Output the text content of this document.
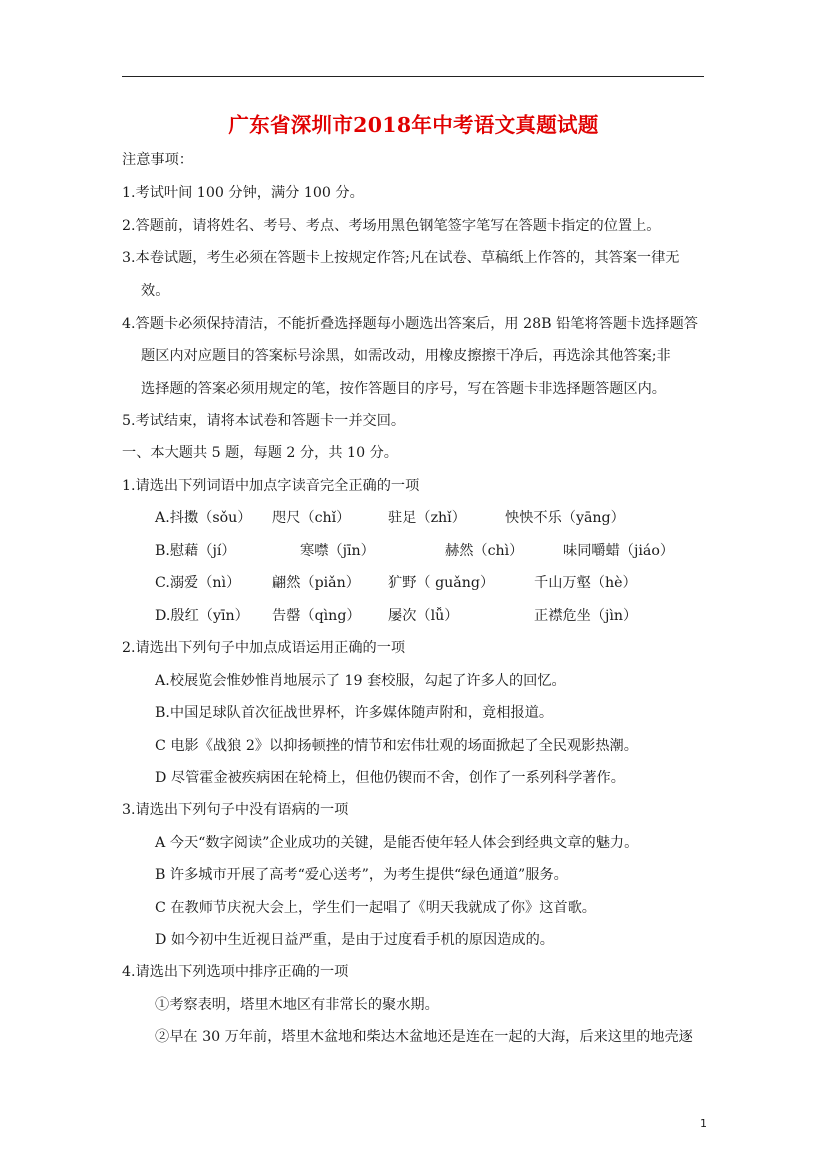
广东省深圳市2018年中考语文真题试题
注意事项：
1.考试叶间 100 分钟，满分 100 分。
2.答题前，请将姓名、考号、考点、考场用黑色钢笔签字笔写在答题卡指定的位置上。
3.本卷试题，考生必须在答题卡上按规定作答;凡在试卷、草稿纸上作答的，其答案一律无
效。
4.答题卡必须保持清洁，不能折叠选择题每小题选出答案后，用 28B 铅笔将答题卡选择题答
题区内对应题目的答案标号涂黑，如需改动，用橡皮擦擦干净后，再选涂其他答案;非
选择题的答案必须用规定的笔，按作答题目的序号，写在答题卡非选择题答题区内。
5.考试结束，请将本试卷和答题卡一并交回。
一、本大题共 5 题，每题 2 分，共 10 分。
1.请选出下列词语中加点字读音完全正确的一项
A.抖擞（sǒu） 咫尺（chǐ）	驻足（zhǐ）	怏怏不乐（yāng）
B.慰藉（jí）	寒噤（jīn）	赫然（chì）	味同嚼蜡（jiáo）
C.溺爱（nì） 翩然（piǎn） 犷野（ guǎng）	千山万壑（hè）
D.殷红（yīn） 告罄（qìng） 屡次（lǚ）	正襟危坐（jìn）
2.请选出下列句子中加点成语运用正确的一项
A.校展览会惟妙惟肖地展示了 19 套校服，勾起了许多人的回忆。
B.中国足球队首次征战世界杯，许多媒体随声附和，竟相报道。
C 电影《战狼 2》以抑扬顿挫的情节和宏伟壮观的场面掀起了全民观影热潮。
D 尽管霍金被疾病困在轮椅上，但他仍锲而不舍，创作了一系列科学著作。
3.请选出下列句子中没有语病的一项
A 今天“数字阅读”企业成功的关键，是能否使年轻人体会到经典文章的魅力。
B 许多城市开展了高考“爱心送考”，为考生提供“绿色通道”服务。
C 在教师节庆祝大会上，学生们一起唱了《明天我就成了你》这首歌。
D 如今初中生近视日益严重，是由于过度看手机的原因造成的。
4.请选出下列选项中排序正确的一项
①考察表明，塔里木地区有非常长的聚水期。
②早在 30 万年前，塔里木盆地和柴达木盆地还是连在一起的大海，后来这里的地壳逐
1
